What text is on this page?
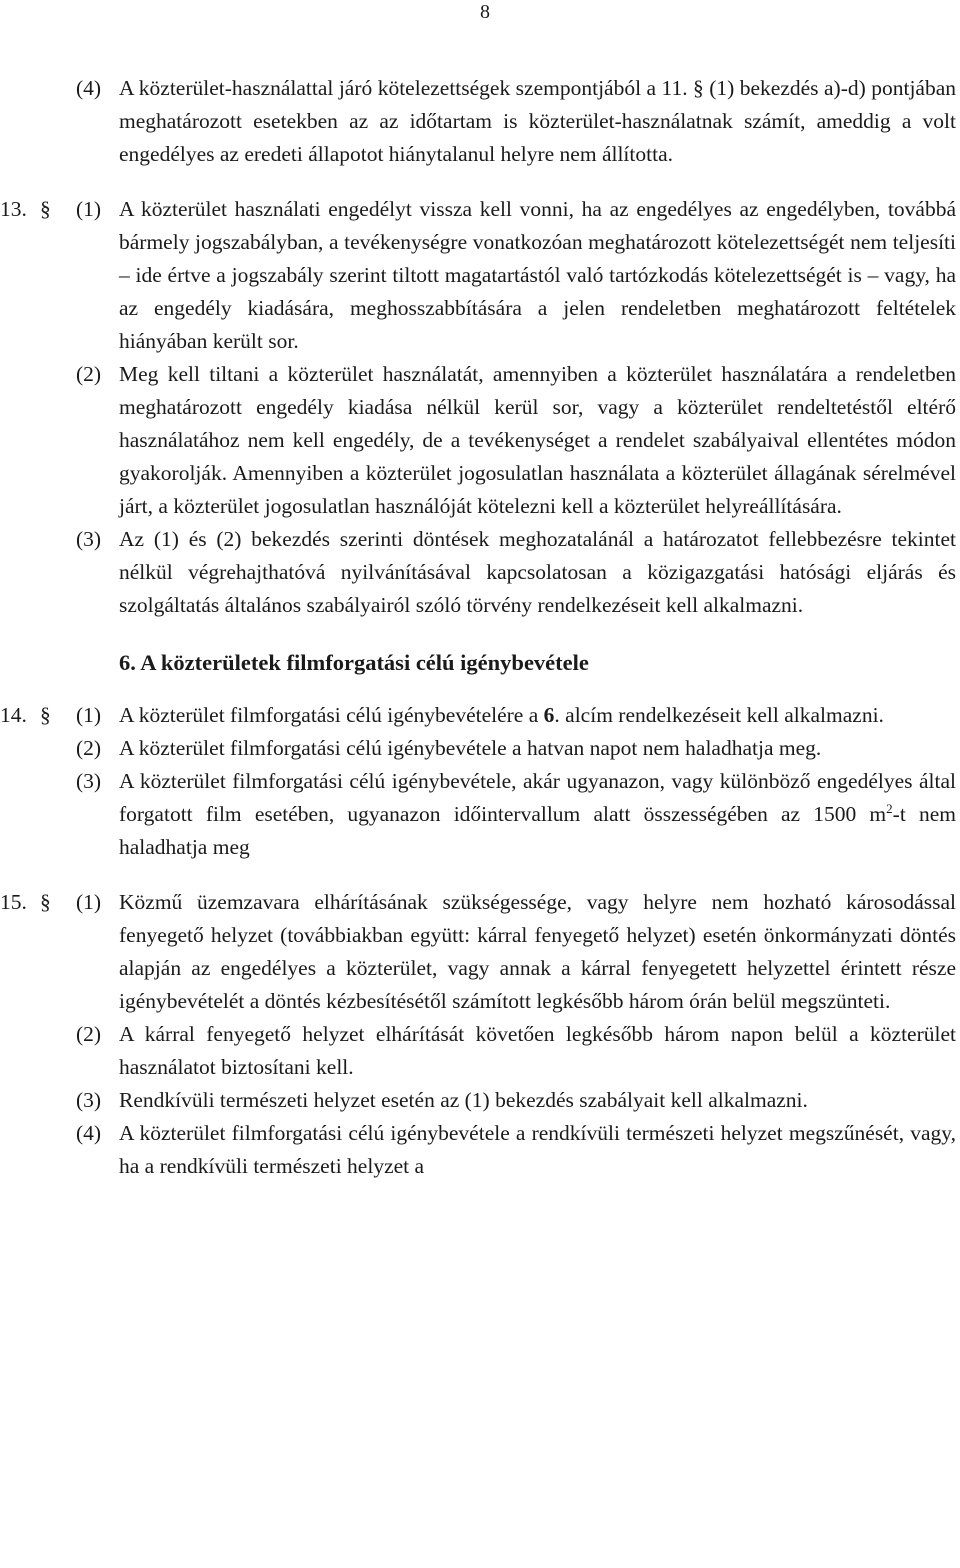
8
(4) A közterület-használattal járó kötelezettségek szempontjából a 11. § (1) bekezdés a)-d) pontjában meghatározott esetekben az az időtartam is közterület-használatnak számít, ameddig a volt engedélyes az eredeti állapotot hiánytalanul helyre nem állította.
13. § (1) A közterület használati engedélyt vissza kell vonni, ha az engedélyes az engedélyben, továbbá bármely jogszabályban, a tevékenységre vonatkozóan meghatározott kötelezettségét nem teljesíti – ide értve a jogszabály szerint tiltott magatartástól való tartózkodás kötelezettségét is – vagy, ha az engedély kiadására, meghosszabbítására a jelen rendeletben meghatározott feltételek hiányában került sor.
(2) Meg kell tiltani a közterület használatát, amennyiben a közterület használatára a rendeletben meghatározott engedély kiadása nélkül kerül sor, vagy a közterület rendeltetéstől eltérő használatához nem kell engedély, de a tevékenységet a rendelet szabályaival ellentétes módon gyakorolják. Amennyiben a közterület jogosulatlan használata a közterület állagának sérelmével járt, a közterület jogosulatlan használóját kötelezni kell a közterület helyreállítására.
(3) Az (1) és (2) bekezdés szerinti döntések meghozatalánál a határozatot fellebbezésre tekintet nélkül végrehajthatóvá nyilvánításával kapcsolatosan a közigazgatási hatósági eljárás és szolgáltatás általános szabályairól szóló törvény rendelkezéseit kell alkalmazni.
6. A közterületek filmforgatási célú igénybevétele
14. § (1) A közterület filmforgatási célú igénybevételére a 6. alcím rendelkezéseit kell alkalmazni.
(2) A közterület filmforgatási célú igénybevétele a hatvan napot nem haladhatja meg.
(3) A közterület filmforgatási célú igénybevétele, akár ugyanazon, vagy különböző engedélyes által forgatott film esetében, ugyanazon időintervallum alatt összességében az 1500 $m^2-t$ nem haladhatja meg
15. § (1) Közmű üzemzavara elhárításának szükségessége, vagy helyre nem hozható károsodással fenyegető helyzet (továbbiakban együtt: kárral fenyegető helyzet) esetén önkormányzati döntés alapján az engedélyes a közterület, vagy annak a kárral fenyegetett helyzettel érintett része igénybevételét a döntés kézbesítésétől számított legkésőbb három órán belül megszünteti.
(2) A kárral fenyegető helyzet elhárítását követően legkésőbb három napon belül a közterület használatot biztosítani kell.
(3) Rendkívüli természeti helyzet esetén az (1) bekezdés szabályait kell alkalmazni.
(4) A közterület filmforgatási célú igénybevétele a rendkívüli természeti helyzet megszűnését, vagy, ha a rendkívüli természeti helyzet a
